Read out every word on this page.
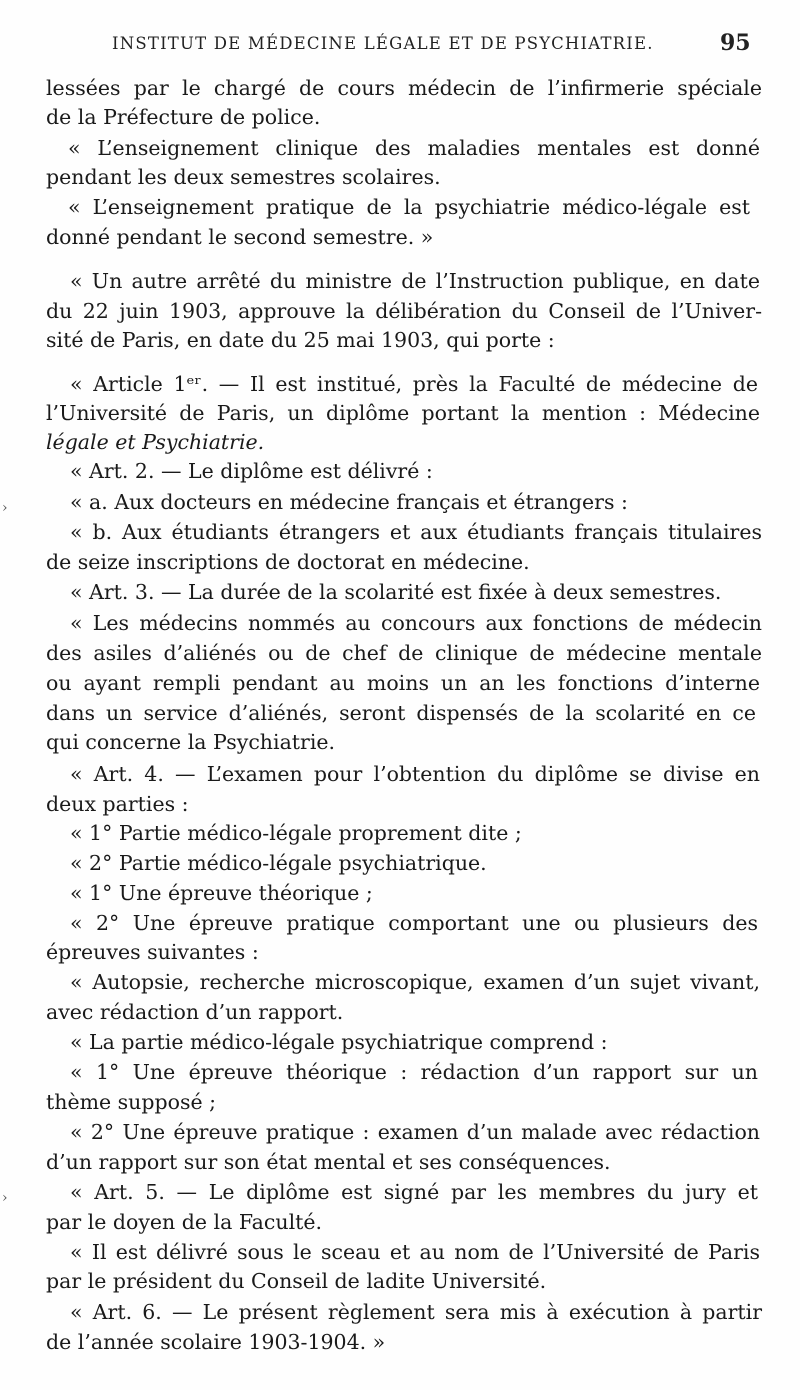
INSTITUT DE MÉDECINE LÉGALE ET DE PSYCHIATRIE.	95
lessées par le chargé de cours médecin de l’infirmerie spéciale
de la Préfecture de police.
« L’enseignement clinique des maladies mentales est donné
pendant les deux semestres scolaires.
« L’enseignement pratique de la psychiatrie médico-légale est
donné pendant le second semestre. »
« Un autre arrêté du ministre de l’Instruction publique, en date
du 22 juin 1903, approuve la délibération du Conseil de l’Univer-
sité de Paris, en date du 25 mai 1903, qui porte :
« Article 1ᵉʳ. — Il est institué, près la Faculté de médecine de
l’Université de Paris, un diplôme portant la mention : Médecine
légale et Psychiatrie.
« Art. 2. — Le diplôme est délivré :
« a. Aux docteurs en médecine français et étrangers :
« b. Aux étudiants étrangers et aux étudiants français titulaires
de seize inscriptions de doctorat en médecine.
« Art. 3. — La durée de la scolarité est fixée à deux semestres.
« Les médecins nommés au concours aux fonctions de médecin
des asiles d’aliénés ou de chef de clinique de médecine mentale
ou ayant rempli pendant au moins un an les fonctions d’interne
dans un service d’aliénés, seront dispensés de la scolarité en ce
qui concerne la Psychiatrie.
« Art. 4. — L’examen pour l’obtention du diplôme se divise en
deux parties :
« 1° Partie médico-légale proprement dite ;
« 2° Partie médico-légale psychiatrique.
« 1° Une épreuve théorique ;
« 2° Une épreuve pratique comportant une ou plusieurs des
épreuves suivantes :
« Autopsie, recherche microscopique, examen d’un sujet vivant,
avec rédaction d’un rapport.
« La partie médico-légale psychiatrique comprend :
« 1° Une épreuve théorique : rédaction d’un rapport sur un
thème supposé ;
« 2° Une épreuve pratique : examen d’un malade avec rédaction
d’un rapport sur son état mental et ses conséquences.
« Art. 5. — Le diplôme est signé par les membres du jury et
par le doyen de la Faculté.
« Il est délivré sous le sceau et au nom de l’Université de Paris
par le président du Conseil de ladite Université.
« Art. 6. — Le présent règlement sera mis à exécution à partir
de l’année scolaire 1903-1904. »
›
›
